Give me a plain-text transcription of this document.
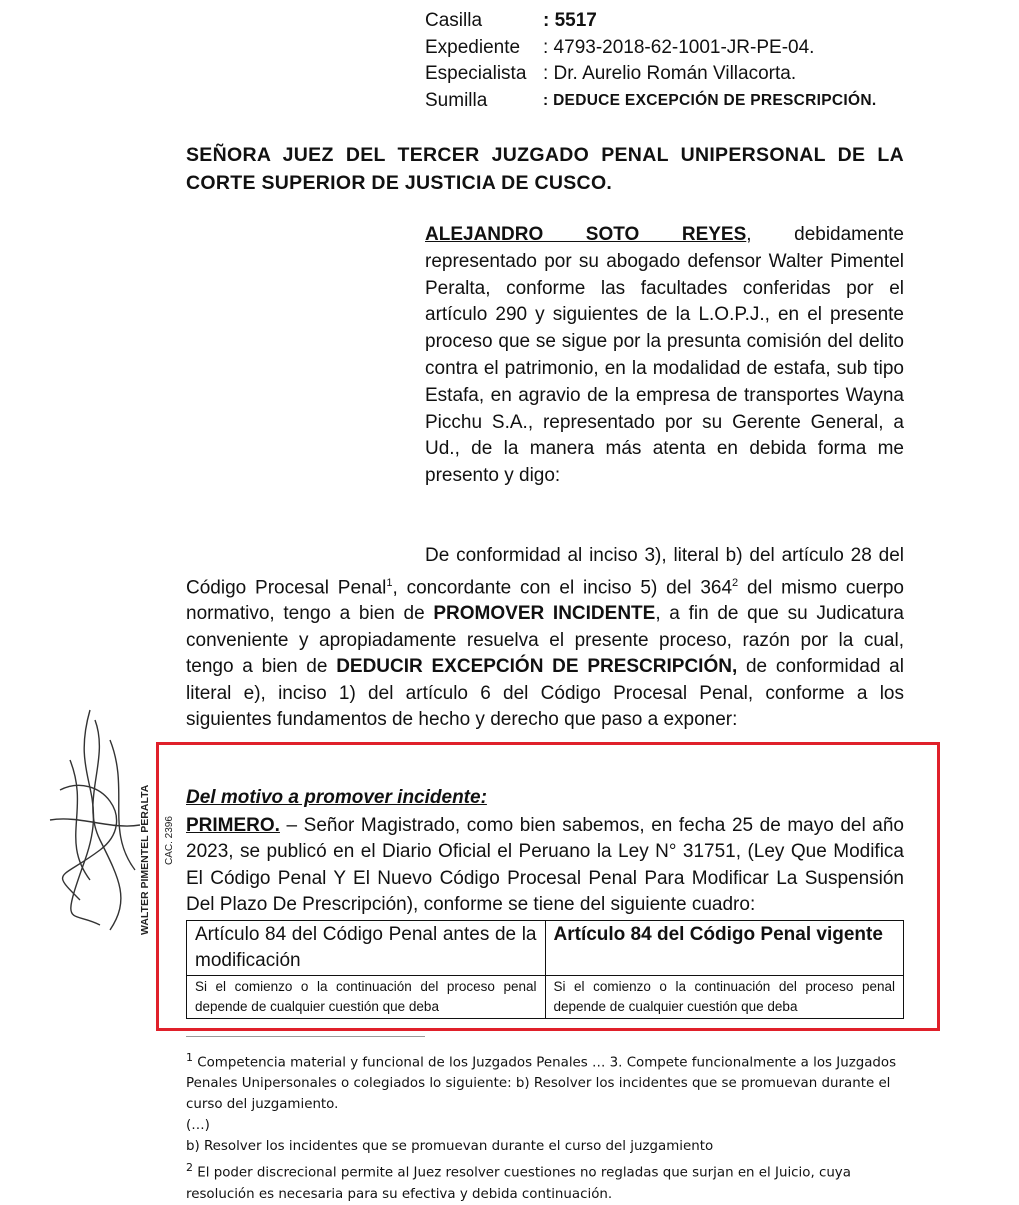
Casilla	: 5517
Expediente	: 4793-2018-62-1001-JR-PE-04.
Especialista : Dr. Aurelio Román Villacorta.
Sumilla	: DEDUCE EXCEPCIÓN DE PRESCRIPCIÓN.
SEÑORA JUEZ DEL TERCER JUZGADO PENAL UNIPERSONAL DE LA CORTE SUPERIOR DE JUSTICIA DE CUSCO.
ALEJANDRO SOTO REYES, debidamente representado por su abogado defensor Walter Pimentel Peralta, conforme las facultades conferidas por el artículo 290 y siguientes de la L.O.P.J., en el presente proceso que se sigue por la presunta comisión del delito contra el patrimonio, en la modalidad de estafa, sub tipo Estafa, en agravio de la empresa de transportes Wayna Picchu S.A., representado por su Gerente General, a Ud., de la manera más atenta en debida forma me presento y digo:
De conformidad al inciso 3), literal b) del artículo 28 del Código Procesal Penal$^1$, concordante con el inciso 5) del $364^2$ del mismo cuerpo normativo, tengo a bien de PROMOVER INCIDENTE, a fin de que su Judicatura conveniente y apropiadamente resuelva el presente proceso, razón por la cual, tengo a bien de DEDUCIR EXCEPCIÓN DE PRESCRIPCIÓN, de conformidad al literal e), inciso 1) del artículo 6 del Código Procesal Penal, conforme a los siguientes fundamentos de hecho y derecho que paso a exponer:
Del motivo a promover incidente:

PRIMERO. – Señor Magistrado, como bien sabemos, en fecha 25 de mayo del año 2023, se publicó en el Diario Oficial el Peruano la Ley N° 31751, (Ley Que Modifica El Código Penal Y El Nuevo Código Procesal Penal Para Modificar La Suspensión Del Plazo De Prescripción), conforme se tiene del siguiente cuadro:
Artículo 84 del Código Penal antes de la modificación	Artículo 84 del Código Penal vigente
Si el comienzo o la continuación del proceso penal depende de cualquier cuestión que deba	Si el comienzo o la continuación del proceso penal depende de cualquier cuestión que deba

$^1$ Competencia material y funcional de los Juzgados Penales … 3. Compete funcionalmente a los Juzgados Penales Unipersonales o colegiados lo siguiente: b) Resolver los incidentes que se promuevan durante el curso del juzgamiento.

(…)

b) Resolver los incidentes que se promuevan durante el curso del juzgamiento

$^2$ El poder discrecional permite al Juez resolver cuestiones no regladas que surjan en el Juicio, cuya resolución es necesaria para su efectiva y debida continuación.

WALTER PIMENTEL PERALTA CAC. 2396
